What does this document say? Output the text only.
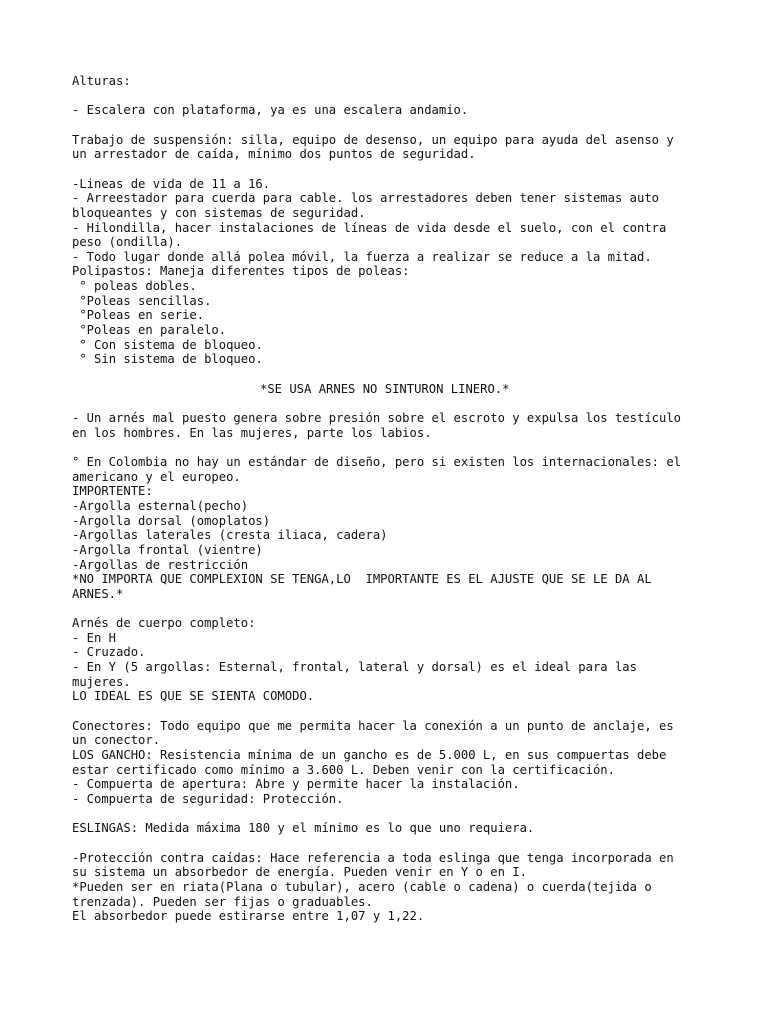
Alturas:
- Escalera con plataforma, ya es una escalera andamio.
Trabajo de suspensión: silla, equipo de desenso, un equipo para ayuda del asenso y
un arrestador de caída, mínimo dos puntos de seguridad.
-Lineas de vida de 11 a 16.
- Arreestador para cuerda para cable. los arrestadores deben tener sistemas auto
bloqueantes y con sistemas de seguridad.
- Hilondilla, hacer instalaciones de líneas de vida desde el suelo, con el contra
peso (ondilla).
- Todo lugar donde allá polea móvil, la fuerza a realizar se reduce a la mitad.
Polipastos: Maneja diferentes tipos de poleas:
° poleas dobles.
°Poleas sencillas.
°Poleas en serie.
°Poleas en paralelo.
° Con sistema de bloqueo.
° Sin sistema de bloqueo.
*SE USA ARNES NO SINTURON LINERO.*
- Un arnés mal puesto genera sobre presión sobre el escroto y expulsa los testículo
en los hombres. En las mujeres, parte los labios.
° En Colombia no hay un estándar de diseño, pero si existen los internacionales: el
americano y el europeo.
IMPORTENTE:
-Argolla esternal(pecho)
-Argolla dorsal (omoplatos)
-Argollas laterales (cresta iliaca, cadera)
-Argolla frontal (vientre)
-Argollas de restricción
*NO IMPORTA QUE COMPLEXION SE TENGA,LO  IMPORTANTE ES EL AJUSTE QUE SE LE DA AL
ARNES.*
Arnés de cuerpo completo:
- En H
- Cruzado.
- En Y (5 argollas: Esternal, frontal, lateral y dorsal) es el ideal para las
mujeres.
LO IDEAL ES QUE SE SIENTA COMODO.
Conectores: Todo equipo que me permita hacer la conexión a un punto de anclaje, es
un conector.
LOS GANCHO: Resistencia mínima de un gancho es de 5.000 L, en sus compuertas debe
estar certificado como mínimo a 3.600 L. Deben venir con la certificación.
- Compuerta de apertura: Abre y permite hacer la instalación.
- Compuerta de seguridad: Protección.
ESLINGAS: Medida máxima 180 y el mínimo es lo que uno requiera.
-Protección contra caídas: Hace referencia a toda eslinga que tenga incorporada en
su sistema un absorbedor de energía. Pueden venir en Y o en I.
*Pueden ser en riata(Plana o tubular), acero (cable o cadena) o cuerda(tejida o
trenzada). Pueden ser fijas o graduables.
El absorbedor puede estirarse entre 1,07 y 1,22.
